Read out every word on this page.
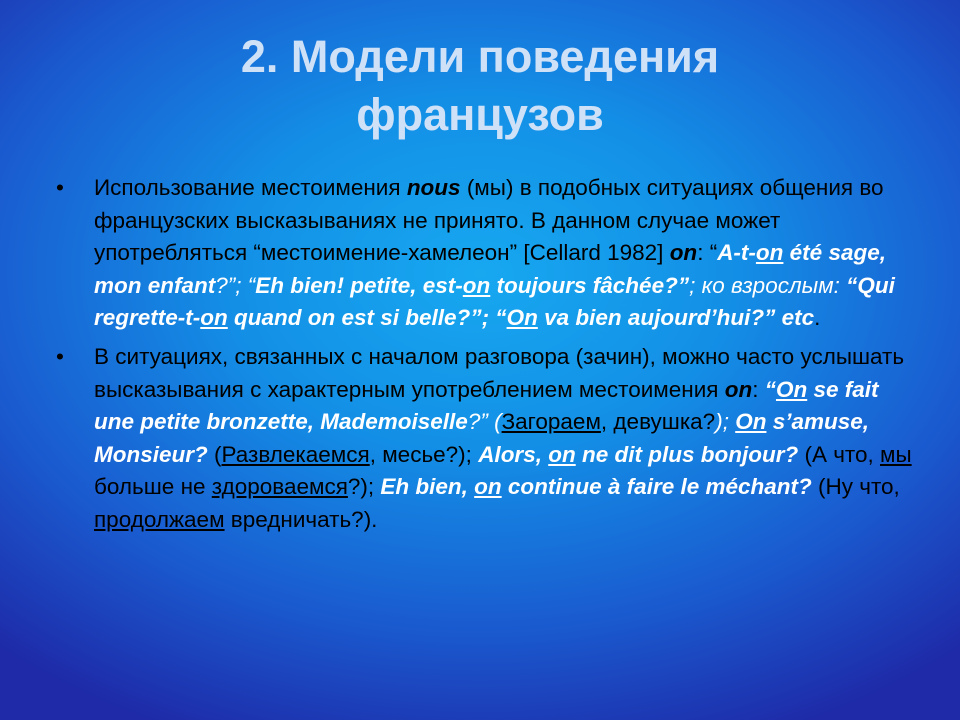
2. Модели поведения
французов
•	Использование местоимения nous (мы) в подобных ситуациях общения во французских высказываниях не принято. В данном случае может употребляться “местоимение-хамелеон” [Cellard 1982] on: “A-t-on été sage, mon enfant?”; “Eh bien! petite, est-on toujours fâchée?”; ко взрослым: “Qui regrette-t-on quand on est si belle?”; “On va bien aujourd’hui?” etc.
•	В ситуациях, связанных с началом разговора (зачин), можно часто услышать высказывания с характерным употреблением местоимения on: “On se fait une petite bronzette, Mademoiselle?” (Загораем, девушка?); On s’amuse, Monsieur? (Развлекаемся, месье?); Alors, on ne dit plus bonjour? (А что, мы больше не здороваемся?); Eh bien, on continue à faire le méchant? (Ну что, продолжаем вредничать?).
